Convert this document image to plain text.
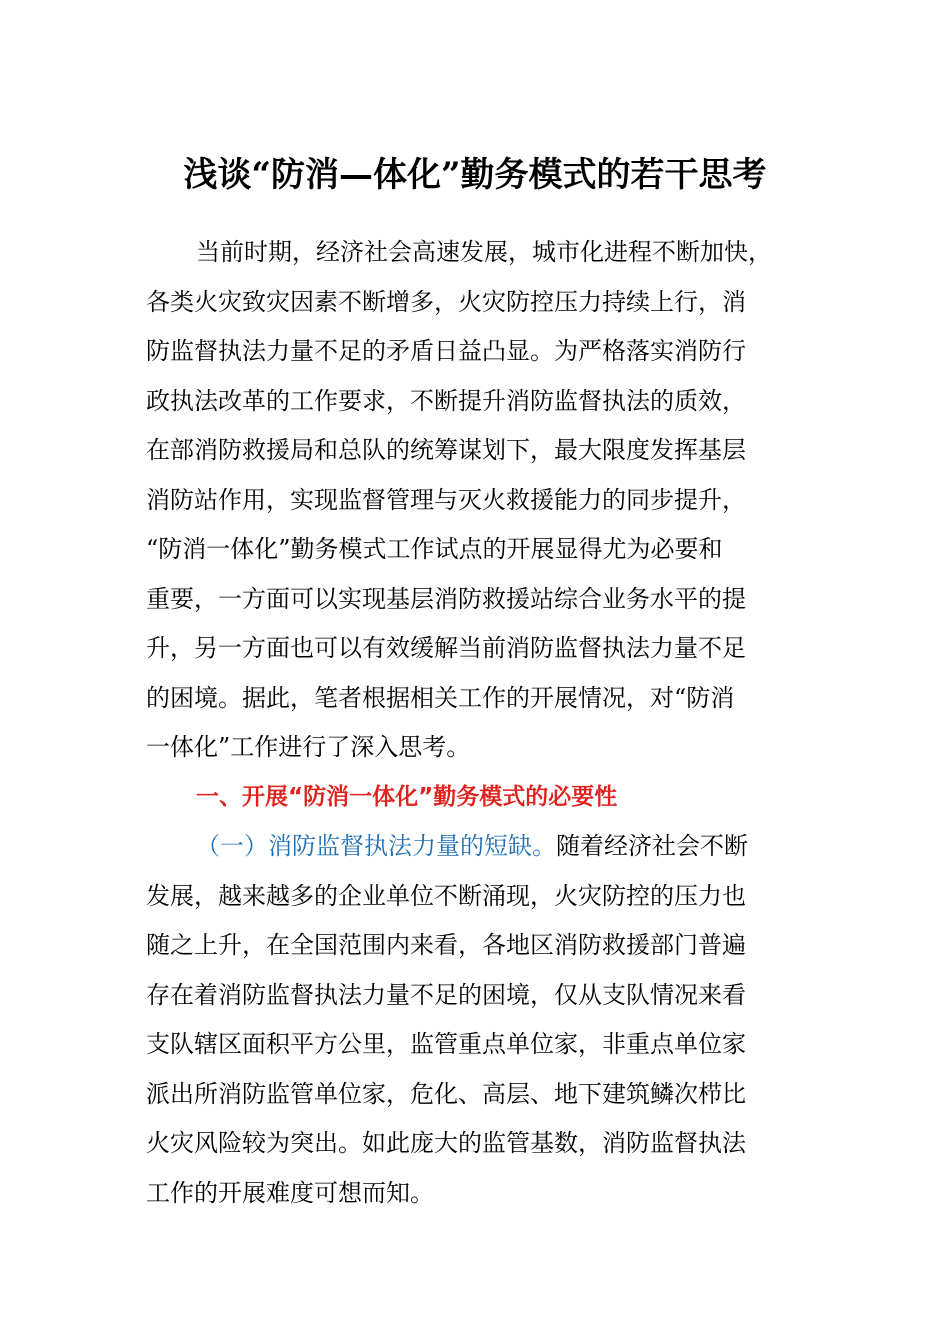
浅谈“防消—体化”勤务模式的若干思考
当前时期，经济社会高速发展，城市化进程不断加快，
各类火灾致灾因素不断增多，火灾防控压力持续上行，消
防监督执法力量不足的矛盾日益凸显。为严格落实消防行
政执法改革的工作要求，不断提升消防监督执法的质效，
在部消防救援局和总队的统筹谋划下，最大限度发挥基层
消防站作用，实现监督管理与灭火救援能力的同步提升，
“防消一体化”勤务模式工作试点的开展显得尤为必要和
重要，一方面可以实现基层消防救援站综合业务水平的提
升，另一方面也可以有效缓解当前消防监督执法力量不足
的困境。据此，笔者根据相关工作的开展情况，对“防消
一体化”工作进行了深入思考。
一、开展“防消一体化”勤务模式的必要性
（一）消防监督执法力量的短缺。随着经济社会不断
发展，越来越多的企业单位不断涌现，火灾防控的压力也
随之上升，在全国范围内来看，各地区消防救援部门普遍
存在着消防监督执法力量不足的困境，仅从支队情况来看
支队辖区面积平方公里，监管重点单位家，非重点单位家
派出所消防监管单位家，危化、高层、地下建筑鳞次栉比
火灾风险较为突出。如此庞大的监管基数，消防监督执法
工作的开展难度可想而知。
